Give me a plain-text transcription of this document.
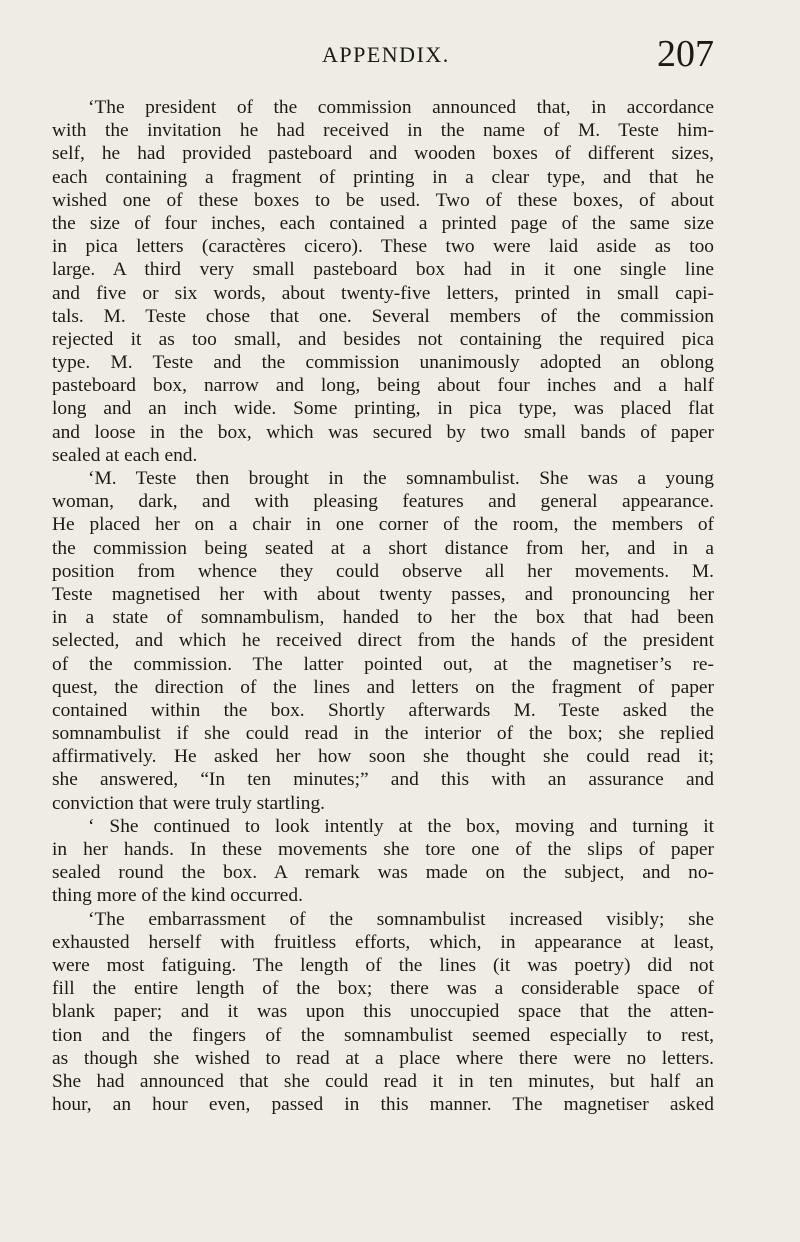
APPENDIX.	207
‘The president of the commission announced that, in accordance
with the invitation he had received in the name of M. Teste him-
self, he had provided pasteboard and wooden boxes of different sizes,
each containing a fragment of printing in a clear type, and that he
wished one of these boxes to be used. Two of these boxes, of about
the size of four inches, each contained a printed page of the same size
in pica letters (caractères cicero). These two were laid aside as too
large. A third very small pasteboard box had in it one single line
and five or six words, about twenty-five letters, printed in small capi-
tals. M. Teste chose that one. Several members of the commission
rejected it as too small, and besides not containing the required pica
type. M. Teste and the commission unanimously adopted an oblong
pasteboard box, narrow and long, being about four inches and a half
long and an inch wide. Some printing, in pica type, was placed flat
and loose in the box, which was secured by two small bands of paper
sealed at each end.
‘M. Teste then brought in the somnambulist. She was a young
woman, dark, and with pleasing features and general appearance.
He placed her on a chair in one corner of the room, the members of
the commission being seated at a short distance from her, and in a
position from whence they could observe all her movements. M.
Teste magnetised her with about twenty passes, and pronouncing her
in a state of somnambulism, handed to her the box that had been
selected, and which he received direct from the hands of the president
of the commission. The latter pointed out, at the magnetiser’s re-
quest, the direction of the lines and letters on the fragment of paper
contained within the box. Shortly afterwards M. Teste asked the
somnambulist if she could read in the interior of the box; she replied
affirmatively. He asked her how soon she thought she could read it;
she answered, “In ten minutes;” and this with an assurance and
conviction that were truly startling.
‘ She continued to look intently at the box, moving and turning it
in her hands. In these movements she tore one of the slips of paper
sealed round the box. A remark was made on the subject, and no-
thing more of the kind occurred.
‘The embarrassment of the somnambulist increased visibly; she
exhausted herself with fruitless efforts, which, in appearance at least,
were most fatiguing. The length of the lines (it was poetry) did not
fill the entire length of the box; there was a considerable space of
blank paper; and it was upon this unoccupied space that the atten-
tion and the fingers of the somnambulist seemed especially to rest,
as though she wished to read at a place where there were no letters.
She had announced that she could read it in ten minutes, but half an
hour, an hour even, passed in this manner. The magnetiser asked
